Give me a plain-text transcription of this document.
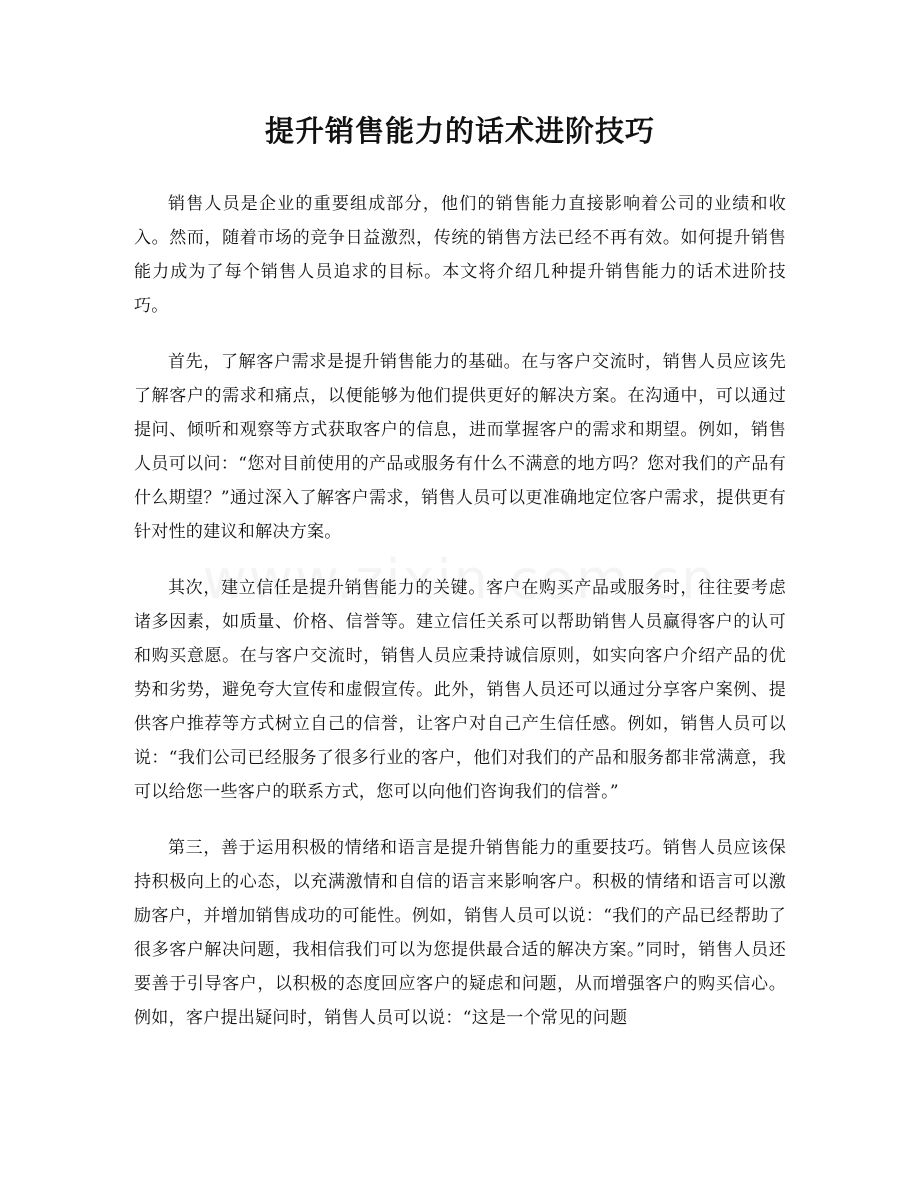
提升销售能力的话术进阶技巧

销售人员是企业的重要组成部分，他们的销售能力直接影响着公司的业绩和收入。然而，随着市场的竞争日益激烈，传统的销售方法已经不再有效。如何提升销售能力成为了每个销售人员追求的目标。本文将介绍几种提升销售能力的话术进阶技巧。

首先，了解客户需求是提升销售能力的基础。在与客户交流时，销售人员应该先了解客户的需求和痛点，以便能够为他们提供更好的解决方案。在沟通中，可以通过提问、倾听和观察等方式获取客户的信息，进而掌握客户的需求和期望。例如，销售人员可以问：“您对目前使用的产品或服务有什么不满意的地方吗？您对我们的产品有什么期望？”通过深入了解客户需求，销售人员可以更准确地定位客户需求，提供更有针对性的建议和解决方案。

其次，建立信任是提升销售能力的关键。客户在购买产品或服务时，往往要考虑诸多因素，如质量、价格、信誉等。建立信任关系可以帮助销售人员赢得客户的认可和购买意愿。在与客户交流时，销售人员应秉持诚信原则，如实向客户介绍产品的优势和劣势，避免夸大宣传和虚假宣传。此外，销售人员还可以通过分享客户案例、提供客户推荐等方式树立自己的信誉，让客户对自己产生信任感。例如，销售人员可以说：“我们公司已经服务了很多行业的客户，他们对我们的产品和服务都非常满意，我可以给您一些客户的联系方式，您可以向他们咨询我们的信誉。”

第三，善于运用积极的情绪和语言是提升销售能力的重要技巧。销售人员应该保持积极向上的心态，以充满激情和自信的语言来影响客户。积极的情绪和语言可以激励客户，并增加销售成功的可能性。例如，销售人员可以说：“我们的产品已经帮助了很多客户解决问题，我相信我们可以为您提供最合适的解决方案。”同时，销售人员还要善于引导客户，以积极的态度回应客户的疑虑和问题，从而增强客户的购买信心。例如，客户提出疑问时，销售人员可以说：“这是一个常见的问题
